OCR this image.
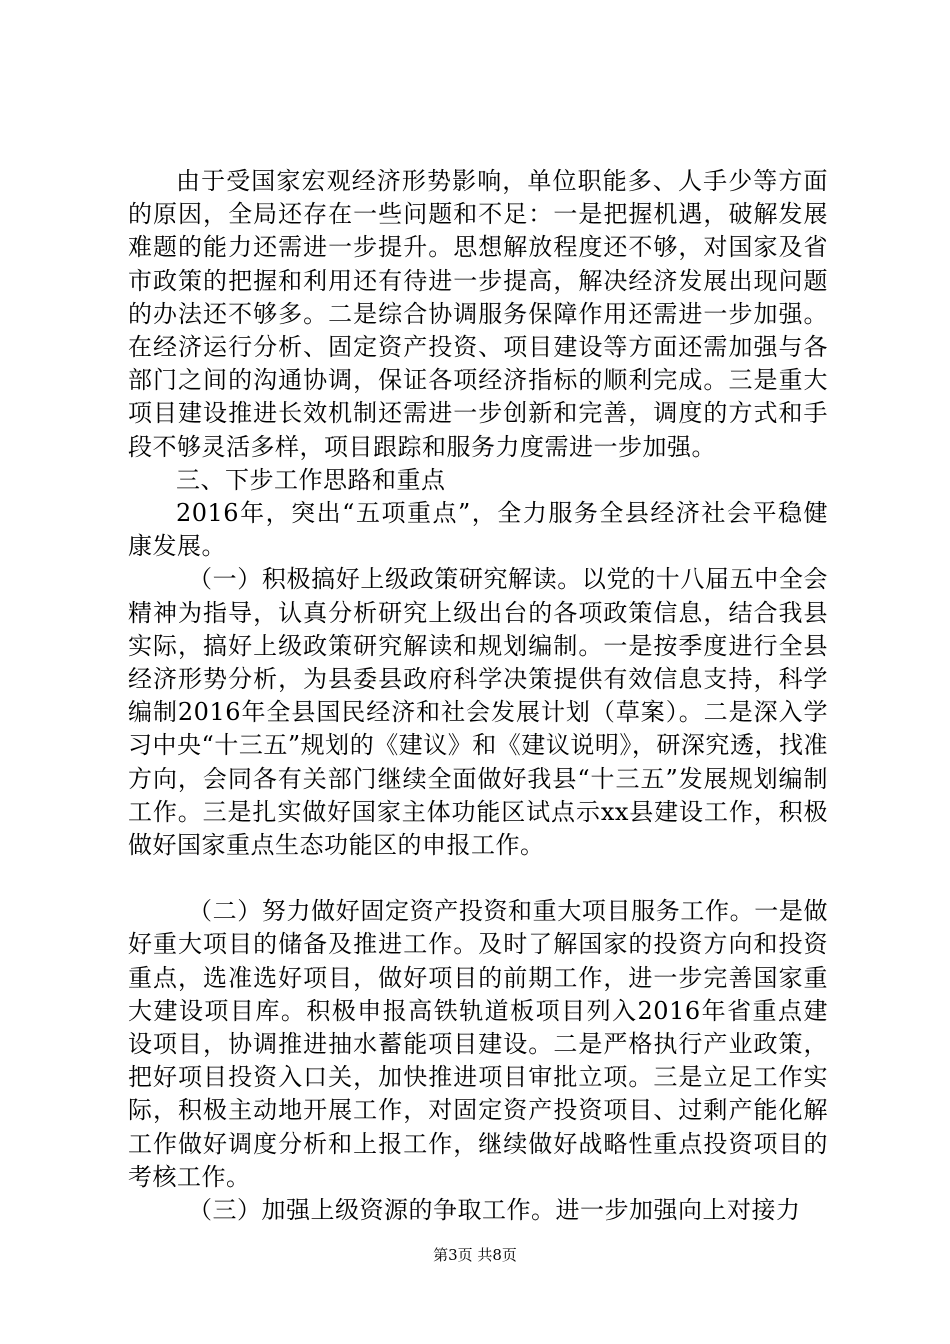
由于受国家宏观经济形势影响，单位职能多、人手少等方面的原因，全局还存在一些问题和不足：一是把握机遇，破解发展难题的能力还需进一步提升。思想解放程度还不够，对国家及省市政策的把握和利用还有待进一步提高，解决经济发展出现问题的办法还不够多。二是综合协调服务保障作用还需进一步加强。在经济运行分析、固定资产投资、项目建设等方面还需加强与各部门之间的沟通协调，保证各项经济指标的顺利完成。三是重大项目建设推进长效机制还需进一步创新和完善，调度的方式和手段不够灵活多样，项目跟踪和服务力度需进一步加强。

三、下步工作思路和重点

2016年，突出“五项重点”，全力服务全县经济社会平稳健康发展。

（一）积极搞好上级政策研究解读。以党的十八届五中全会精神为指导，认真分析研究上级出台的各项政策信息，结合我县实际，搞好上级政策研究解读和规划编制。一是按季度进行全县经济形势分析，为县委县政府科学决策提供有效信息支持，科学编制2016年全县国民经济和社会发展计划（草案）。二是深入学习中央“十三五”规划的《建议》和《建议说明》，研深究透，找准方向，会同各有关部门继续全面做好我县“十三五”发展规划编制工作。三是扎实做好国家主体功能区试点示xx县建设工作，积极做好国家重点生态功能区的申报工作。

（二）努力做好固定资产投资和重大项目服务工作。一是做好重大项目的储备及推进工作。及时了解国家的投资方向和投资重点，选准选好项目，做好项目的前期工作，进一步完善国家重大建设项目库。积极申报高铁轨道板项目列入2016年省重点建设项目，协调推进抽水蓄能项目建设。二是严格执行产业政策，把好项目投资入口关，加快推进项目审批立项。三是立足工作实际，积极主动地开展工作，对固定资产投资项目、过剩产能化解工作做好调度分析和上报工作，继续做好战略性重点投资项目的考核工作。

（三）加强上级资源的争取工作。进一步加强向上对接力

第3页 共8页
